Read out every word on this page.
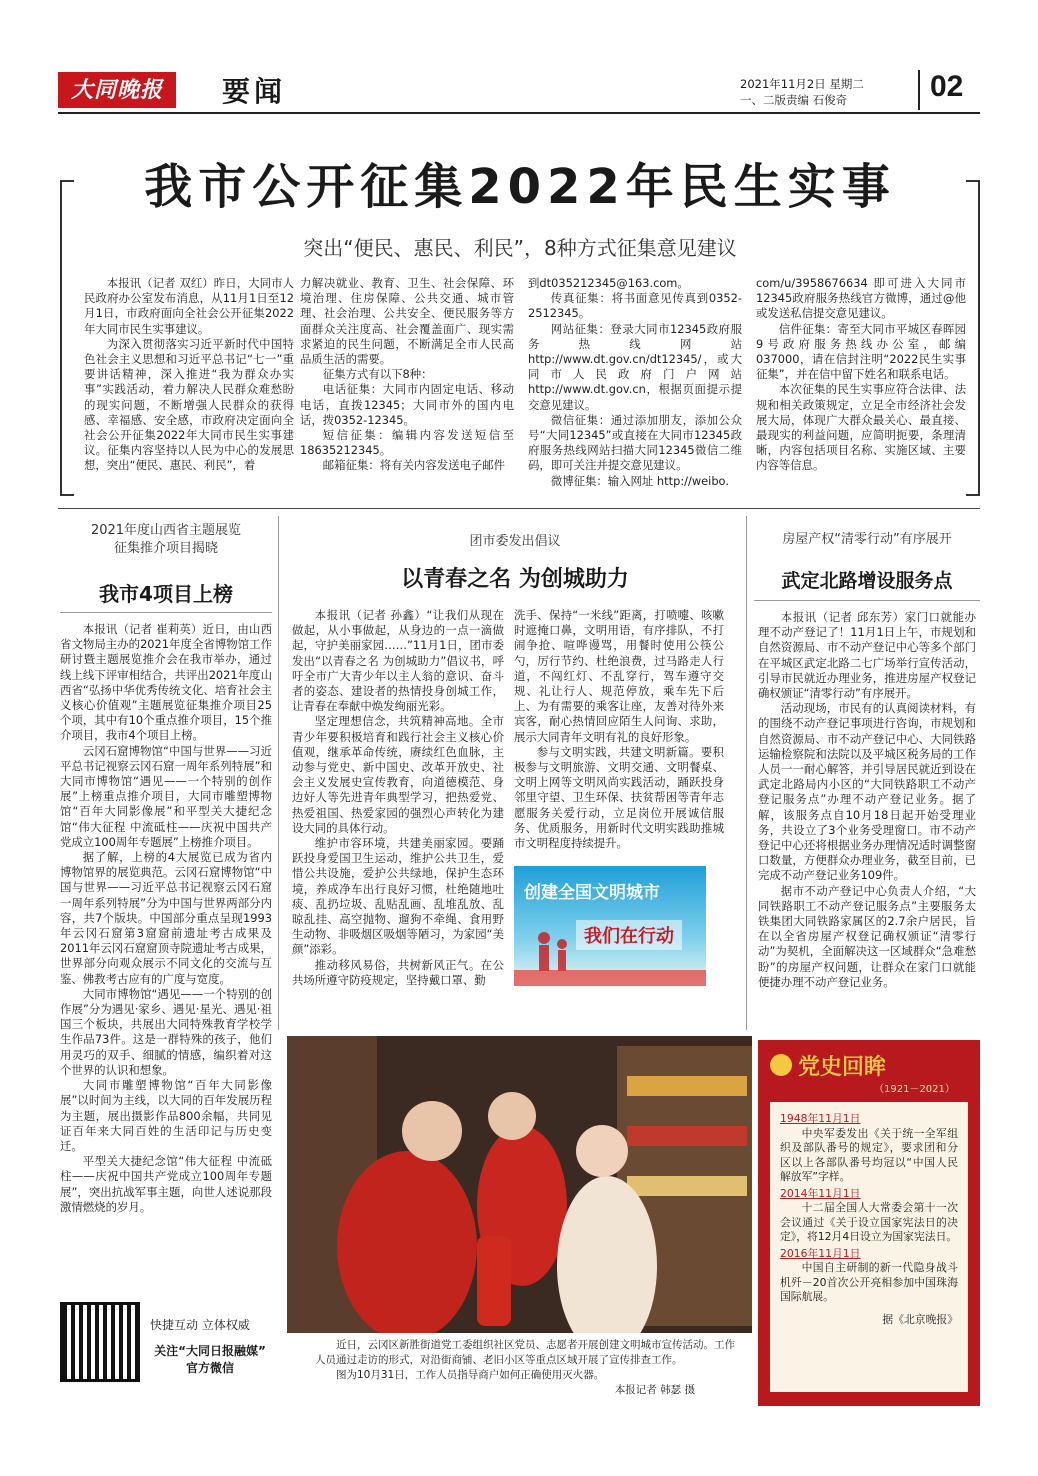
大同晚报	要闻	2021年11月2日 星期二
一、二版责编 石俊奇	02
我市公开征集2022年民生实事
突出“便民、惠民、利民”，8种方式征集意见建议

本报讯（记者 双红）昨日，大同市人民政府办公室发布消息，从11月1日至12月1日，市政府面向全社会公开征集2022年大同市民生实事建议。

为深入贯彻落实习近平新时代中国特色社会主义思想和习近平总书记“七一”重要讲话精神，深入推进“我为群众办实事”实践活动，着力解决人民群众难愁盼的现实问题，不断增强人民群众的获得感、幸福感、安全感，市政府决定面向全社会公开征集2022年大同市民生实事建议。征集内容坚持以人民为中心的发展思想，突出“便民、惠民、利民”，着

力解决就业、教育、卫生、社会保障、环境治理、住房保障、公共交通、城市管理、社会治理、公共安全、便民服务等方面群众关注度高、社会覆盖面广、现实需求紧迫的民生问题，不断满足全市人民高品质生活的需要。

征集方式有以下8种：

电话征集：大同市内固定电话、移动电话，直拨12345；大同市外的国内电话，拨0352-12345。

短信征集：编辑内容发送短信至18635212345。

邮箱征集：将有关内容发送电子邮件

到dt035212345@163.com。

传真征集：将书面意见传真到0352-2512345。

网站征集：登录大同市12345政府服务热线网站 http://www.dt.gov.cn/dt12345/，或大同市人民政府门户网站 http://www.dt.gov.cn，根据页面提示提交意见建议。

微信征集：通过添加朋友，添加公众号“大同12345”或直接在大同市12345政府服务热线网站扫描大同12345微信二维码，即可关注并提交意见建议。

微博征集：输入网址 http://weibo.

com/u/3958676634 即可进入大同市12345政府服务热线官方微博，通过@他或发送私信提交意见建议。

信件征集：寄至大同市平城区春晖园9号政府服务热线办公室，邮编037000，请在信封注明“2022民生实事征集”，并在信中留下姓名和联系电话。

本次征集的民生实事应符合法律、法规和相关政策规定，立足全市经济社会发展大局，体现广大群众最关心、最直接、最现实的利益问题，应简明扼要，条理清晰，内容包括项目名称、实施区域、主要内容等信息。

2021年度山西省主题展览
征集推介项目揭晓
我市4项目上榜

本报讯（记者 崔莉英）近日，由山西省文物局主办的2021年度全省博物馆工作研讨暨主题展览推介会在我市举办，通过线上线下评审相结合，共评出2021年度山西省“弘扬中华优秀传统文化、培育社会主义核心价值观”主题展览征集推介项目25个项，其中有10个重点推介项目，15个推介项目，我市4个项目上榜。

云冈石窟博物馆“中国与世界——习近平总书记视察云冈石窟一周年系列特展”和大同市博物馆“遇见——一个特别的创作展”上榜重点推介项目，大同市雕塑博物馆“百年大同影像展”和平型关大捷纪念馆“伟大征程 中流砥柱——庆祝中国共产党成立100周年专题展”上榜推介项目。

据了解，上榜的4大展览已成为省内博物馆界的展览典范。云冈石窟博物馆“中国与世界——习近平总书记视察云冈石窟一周年系列特展”分为中国与世界两部分内容，共7个版块。中国部分重点呈现1993年云冈石窟第3窟窟前遗址考古成果及2011年云冈石窟窟顶寺院遗址考古成果，世界部分向观众展示不同文化的交流与互鉴、佛教考古应有的广度与宽度。

大同市博物馆“遇见——一个特别的创作展”分为遇见·家乡、遇见·星光、遇见·祖国三个板块，共展出大同特殊教育学校学生作品73件。这是一群特殊的孩子，他们用灵巧的双手、细腻的情感，编织着对这个世界的认识和想象。

大同市雕塑博物馆“百年大同影像展”以时间为主线，以大同的百年发展历程为主题，展出摄影作品800余幅，共同见证百年来大同百姓的生活印记与历史变迁。

平型关大捷纪念馆“伟大征程 中流砥柱——庆祝中国共产党成立100周年专题展”，突出抗战军事主题，向世人述说那段激情燃烧的岁月。

团市委发出倡议
以青春之名 为创城助力

本报讯（记者 孙鑫）“让我们从现在做起，从小事做起，从身边的一点一滴做起，守护美丽家园……”11月1日，团市委发出“以青春之名 为创城助力”倡议书，呼吁全市广大青少年以主人翁的意识、奋斗者的姿态、建设者的热情投身创城工作，让青春在奉献中焕发绚丽光彩。

坚定理想信念，共筑精神高地。全市青少年要积极培育和践行社会主义核心价值观，继承革命传统，赓续红色血脉，主动参与党史、新中国史、改革开放史、社会主义发展史宣传教育，向道德模范、身边好人等先进青年典型学习，把热爱党、热爱祖国、热爱家园的强烈心声转化为建设大同的具体行动。

维护市容环境，共建美丽家园。要踊跃投身爱国卫生运动，维护公共卫生，爱惜公共设施，爱护公共绿地，保护生态环境，养成净车出行良好习惯，杜绝随地吐痰、乱扔垃圾、乱贴乱画、乱堆乱放、乱晾乱挂、高空抛物、遛狗不牵绳、食用野生动物、非吸烟区吸烟等陋习，为家园“美颜”添彩。

推动移风易俗，共树新风正气。在公共场所遵守防疫规定，坚持戴口罩、勤

洗手、保持“一米线”距离，打喷嚏、咳嗽时遮掩口鼻，文明用语，有序排队，不打闹争抢、喧哗谩骂，用餐时使用公筷公勺，厉行节约、杜绝浪费，过马路走人行道，不闯红灯、不乱穿行，驾车遵守交规、礼让行人、规范停放，乘车先下后上、为有需要的乘客让座，友善对待外来宾客，耐心热情回应陌生人问询、求助，展示大同青年文明有礼的良好形象。

参与文明实践，共建文明新篇。要积极参与文明旅游、文明交通、文明餐桌、文明上网等文明风尚实践活动，踊跃投身邻里守望、卫生环保、扶贫帮困等青年志愿服务关爱行动，立足岗位开展诚信服务、优质服务，用新时代文明实践助推城市文明程度持续提升。

创建全国文明城市
我们在行动
房屋产权“清零行动”有序展开
武定北路增设服务点

本报讯（记者 邱东芳）家门口就能办理不动产登记了！11月1日上午，市规划和自然资源局、市不动产登记中心等多个部门在平城区武定北路二七广场举行宣传活动，引导市民就近办理业务，推进房屋产权登记确权颁证“清零行动”有序展开。

活动现场，市民有的认真阅读材料，有的围绕不动产登记事项进行咨询，市规划和自然资源局、市不动产登记中心、大同铁路运输检察院和法院以及平城区税务局的工作人员一一耐心解答，并引导居民就近到设在武定北路局内小区的“大同铁路职工不动产登记服务点”办理不动产登记业务。据了解，该服务点自10月18日起开始受理业务，共设立了3个业务受理窗口。市不动产登记中心还将根据业务办理情况适时调整窗口数量，方便群众办理业务，截至目前，已完成不动产登记业务109件。

据市不动产登记中心负责人介绍，“大同铁路职工不动产登记服务点”主要服务太铁集团大同铁路家属区的2.7余户居民，旨在以全省房屋产权登记确权颁证“清零行动”为契机，全面解决这一区域群众“急难愁盼”的房屋产权问题，让群众在家门口就能便捷办理不动产登记业务。

近日，云冈区新胜街道党工委组织社区党员、志愿者开展创建文明城市宣传活动。工作人员通过走访的形式，对沿街商铺、老旧小区等重点区域开展了宣传排查工作。

图为10月31日，工作人员指导商户如何正确使用灭火器。

本报记者 韩瑟 摄

党史回眸
（1921－2021）
1948年11月1日

中央军委发出《关于统一全军组织及部队番号的规定》，要求团和分区以上各部队番号均冠以“中国人民解放军”字样。

2014年11月1日

十二届全国人大常委会第十一次会议通过《关于设立国家宪法日的决定》，将12月4日设立为国家宪法日。

2016年11月1日

中国自主研制的新一代隐身战斗机歼－20首次公开亮相参加中国珠海国际航展。

据《北京晚报》
快捷互动 立体权威
关注“大同日报融媒”
官方微信
